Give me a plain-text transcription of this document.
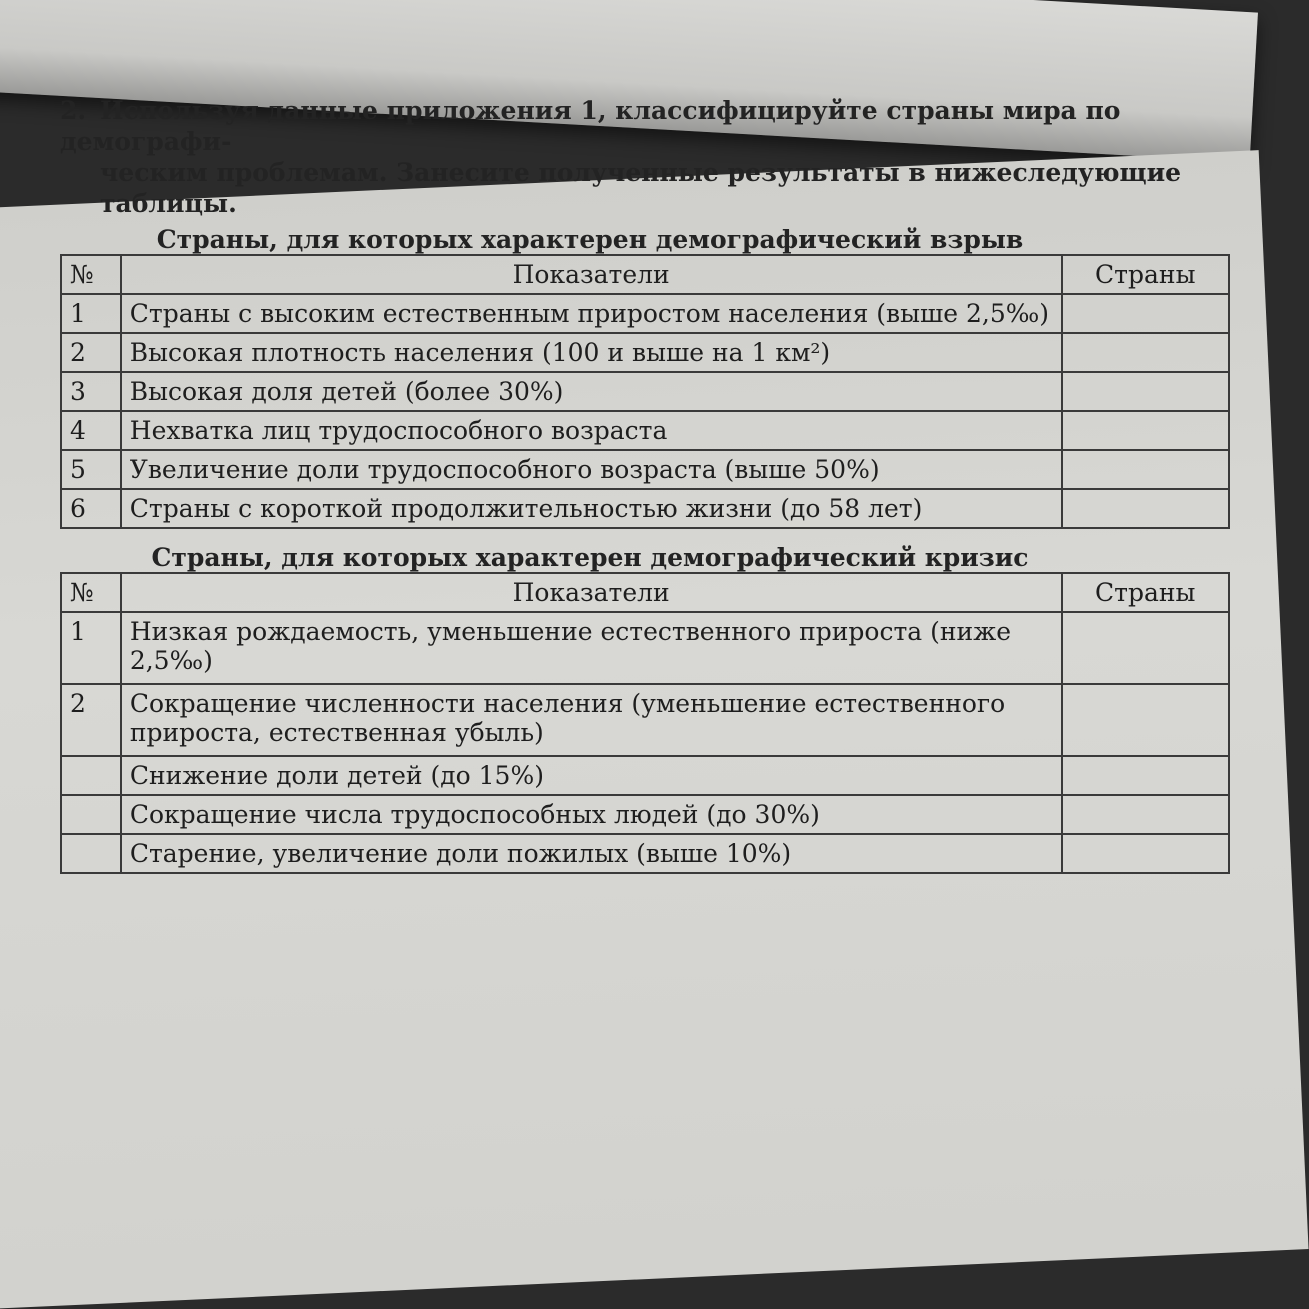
2. Используя данные приложения 1, классифицируйте страны мира по демографи-
ческим проблемам. Занесите полученные результаты в нижеследующие таблицы.

Страны, для которых характерен демографический взрыв
№	Показатели	Страны
1	Страны с высоким естественным приростом населения (выше 2,5‰)	
2	Высокая плотность населения (100 и выше на 1 км²)	
3	Высокая доля детей (более 30%)	
4	Нехватка лиц трудоспособного возраста	
5	Увеличение доли трудоспособного возраста (выше 50%)	
6	Страны с короткой продолжительностью жизни (до 58 лет)	
Страны, для которых характерен демографический кризис
№	Показатели	Страны
1	Низкая рождаемость, уменьшение естественного прироста (ниже 2,5‰)	
2	Сокращение численности населения (уменьшение естественного прироста, естественная убыль)	
	Снижение доли детей (до 15%)	
	Сокращение числа трудоспособных людей (до 30%)	
	Старение, увеличение доли пожилых (выше 10%)	
